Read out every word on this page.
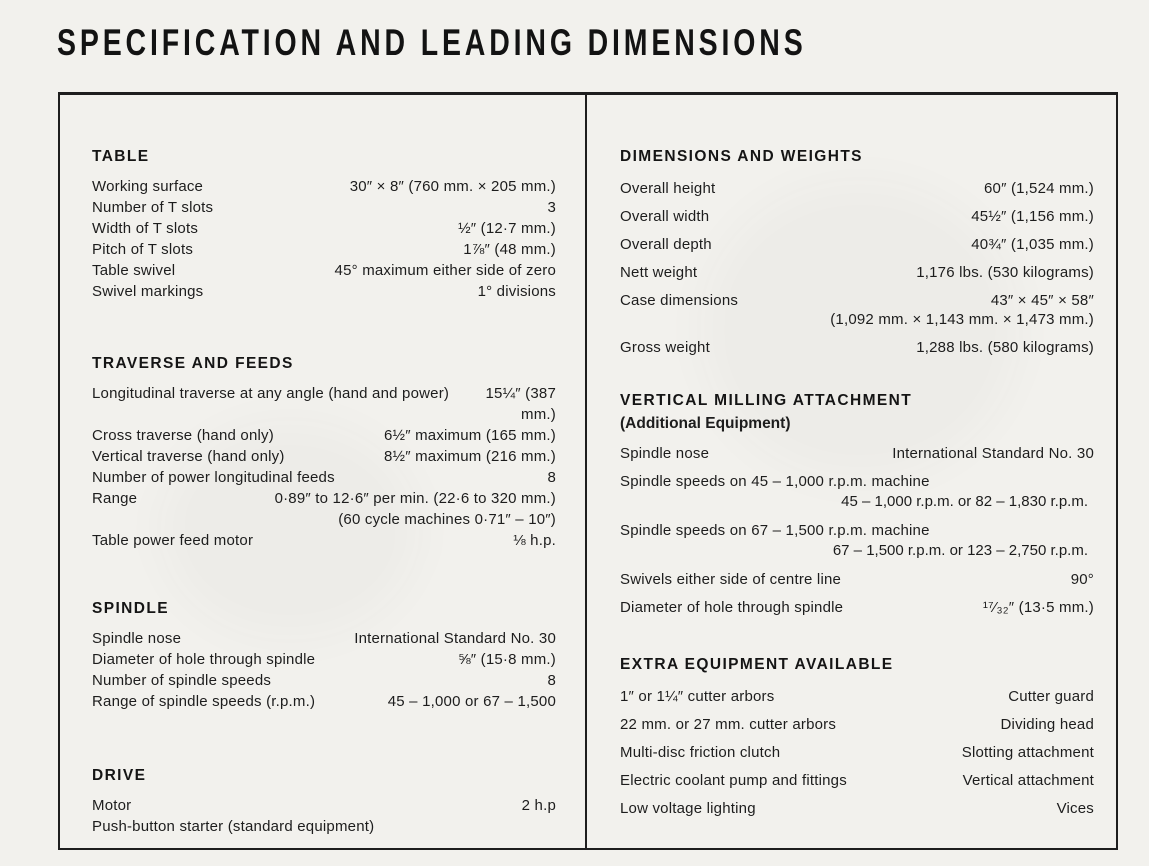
SPECIFICATION AND LEADING DIMENSIONS
TABLE
Working surface	30″ × 8″ (760 mm. × 205 mm.)
Number of T slots	3
Width of T slots	½″ (12·7 mm.)
Pitch of T slots	1⅞″ (48 mm.)
Table swivel	45° maximum either side of zero
Swivel markings	1° divisions
TRAVERSE AND FEEDS
Longitudinal traverse at any angle (hand and power)	15¼″ (387 mm.)
Cross traverse (hand only)	6½″ maximum (165 mm.)
Vertical traverse (hand only)	8½″ maximum (216 mm.)
Number of power longitudinal feeds	8
Range	0·89″ to 12·6″ per min. (22·6 to 320 mm.)
(60 cycle machines 0·71″ – 10″)
Table power feed motor	⅛ h.p.
SPINDLE
Spindle nose	International Standard No. 30
Diameter of hole through spindle	⅝″ (15·8 mm.)
Number of spindle speeds	8
Range of spindle speeds (r.p.m.)	45 – 1,000 or 67 – 1,500
DRIVE
Motor	2 h.p
Push-button starter (standard equipment)
DIMENSIONS AND WEIGHTS
Overall height	60″ (1,524 mm.)
Overall width	45½″ (1,156 mm.)
Overall depth	40¾″ (1,035 mm.)
Nett weight	1,176 lbs. (530 kilograms)
Case dimensions	43″ × 45″ × 58″
(1,092 mm. × 1,143 mm. × 1,473 mm.)
Gross weight	1,288 lbs. (580 kilograms)
VERTICAL MILLING ATTACHMENT
(Additional Equipment)
Spindle nose	International Standard No. 30
Spindle speeds on 45 – 1,000 r.p.m. machine
45 – 1,000 r.p.m. or 82 – 1,830 r.p.m.
Spindle speeds on 67 – 1,500 r.p.m. machine
67 – 1,500 r.p.m. or 123 – 2,750 r.p.m.
Swivels either side of centre line	90°
Diameter of hole through spindle	¹⁷⁄₃₂″ (13·5 mm.)
EXTRA EQUIPMENT AVAILABLE
1″ or 1¼″ cutter arbors	Cutter guard
22 mm. or 27 mm. cutter arbors	Dividing head
Multi-disc friction clutch	Slotting attachment
Electric coolant pump and fittings	Vertical attachment
Low voltage lighting	Vices
